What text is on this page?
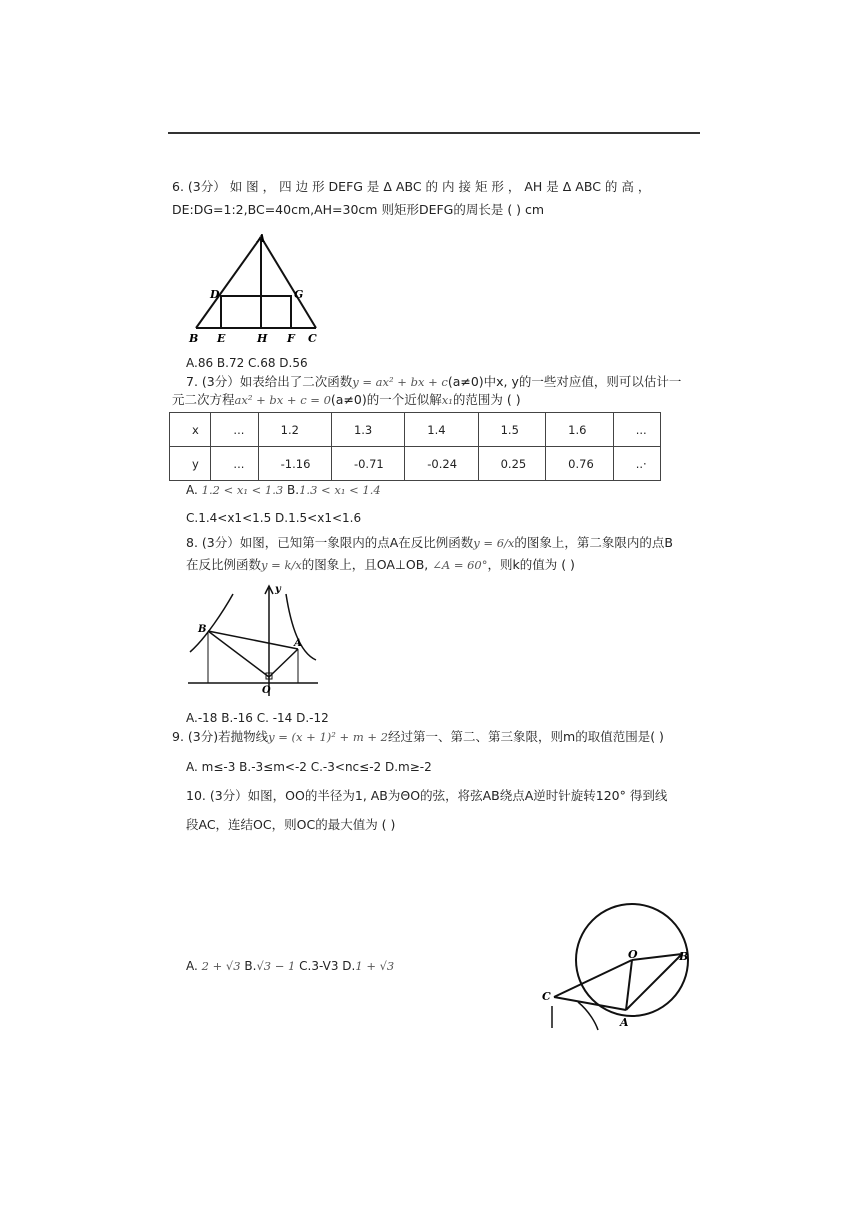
6. (3分） 如 图 ， 四 边 形 DEFG 是 Δ ABC 的 内 接 矩 形 ， AH 是 Δ ABC 的 高 ，
DE:DG=1:2,BC=40cm,AH=30cm 则矩形DEFG的周长是 ( ) cm
A
D	G
B E	H F C
A.86 B.72 C.68 D.56
7. (3分）如表给出了二次函数y = ax² + bx + c(a≠0)中x, y的一些对应值，则可以估计一
元二次方程ax² + bx + c = 0(a≠0)的一个近似解x₁的范围为 ( )
x	...	1.2	1.3	1.4	1.5	1.6	...
y	...	-1.16	-0.71	-0.24	0.25	0.76	..·
A. 1.2 < x₁ < 1.3 B.1.3 < x₁ < 1.4
C.1.4<x1<1.5 D.1.5<x1<1.6
8. (3分）如图，已知第一象限内的点A在反比例函数y = 6/x的图象上，第二象限内的点B
在反比例函数y = k/x的图象上，且OA⊥OB, ∠A = 60°，则k的值为 ( )
y
B
A
O
A.-18 B.-16 C. -14 D.-12
9. (3分)若抛物线y = (x + 1)² + m + 2经过第一、第二、第三象限，则m的取值范围是( )
A. m≤-3 B.-3≤m<-2 C.-3<nc≤-2 D.m≥-2
10. (3分）如图，OO的半径为1, AB为ΘO的弦，将弦AB绕点A逆时针旋转120° 得到线
段AC，连结OC，则OC的最大值为 ( )
A. 2 + √3 B.√3 − 1 C.3-V3 D.1 + √3
O	B
C
A
